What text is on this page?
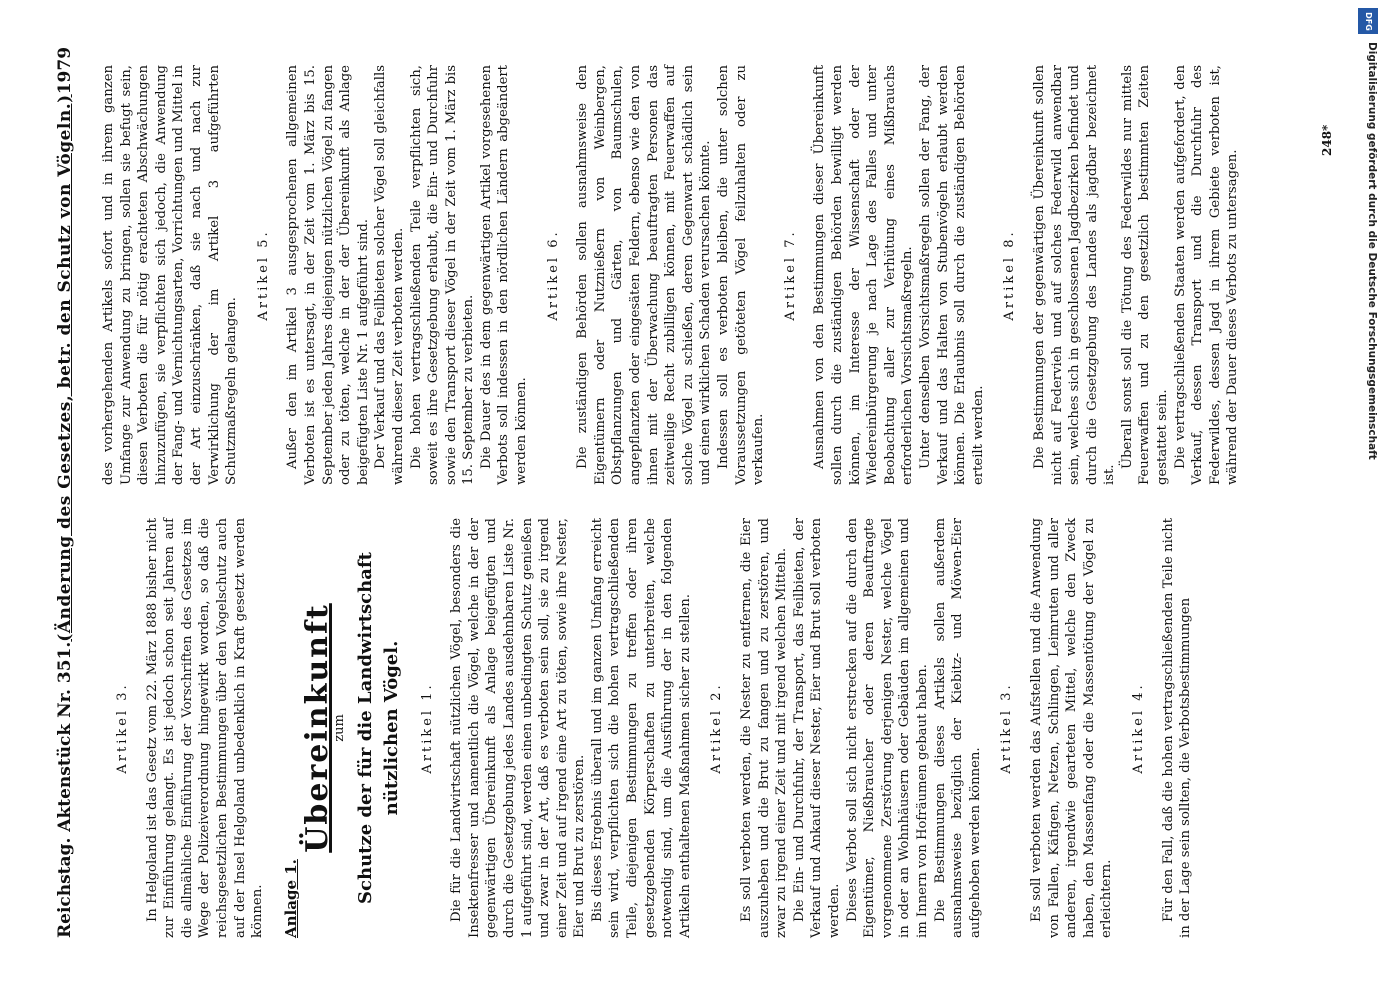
Reichstag. Aktenstück Nr. 351.
(Änderung des Gesetzes, betr. den Schutz von Vögeln.)
1979
Artikel 3. In Helgoland ist das Gesetz vom 22. März 1888 bisher nicht zur Einführung gelangt. Es ist jedoch schon seit Jahren auf die allmähliche Einführung der Vorschriften des Gesetzes im Wege der Polizeiverordnung hingewirkt worden, so daß die reichsgesetzlichen Bestimmungen über den Vogelschutz auch auf der Insel Helgoland unbedenklich in Kraft gesetzt werden können. Anlage 1.
Übereinkunft
zum Schutze der für die Landwirtschaft nützlichen Vögel. Artikel 1. Die für die Landwirtschaft nützlichen Vögel, besonders die Insektenfresser und namentlich die Vögel, welche in der der gegenwärtigen Übereinkunft als Anlage beigefügten und durch die Gesetzgebung jedes Landes ausdehnbaren Liste Nr. 1 aufgeführt sind, werden einen unbedingten Schutz genießen und zwar in der Art, daß es verboten sein soll, sie zu irgend einer Zeit und auf irgend eine Art zu töten, sowie ihre Nester, Eier und Brut zu zerstören. Bis dieses Ergebnis überall und im ganzen Umfang erreicht sein wird, verpflichten sich die hohen vertragschließenden Teile, diejenigen Bestimmungen zu treffen oder ihren gesetzgebenden Körperschaften zu unterbreiten, welche notwendig sind, um die Ausführung der in den folgenden Artikeln enthaltenen Maßnahmen sicher zu stellen. Artikel 2. Es soll verboten werden, die Nester zu entfernen, die Eier auszuheben und die Brut zu fangen und zu zerstören, und zwar zu irgend einer Zeit und mit irgend welchen Mitteln. Die Ein- und Durchfuhr, der Transport, das Feilbieten, der Verkauf und Ankauf dieser Nester, Eier und Brut soll verboten werden. Dieses Verbot soll sich nicht erstrecken auf die durch den Eigentümer, Nießbraucher oder deren Beauftragte vorgenommene Zerstörung derjenigen Nester, welche Vögel in oder an Wohnhäusern oder Gebäuden im allgemeinen und im Innern von Hofräumen gebaut haben. Die Bestimmungen dieses Artikels sollen außerdem ausnahmsweise bezüglich der Kiebitz- und Möwen-Eier aufgehoben werden können.

Artikel 3. Es soll verboten werden das Aufstellen und die Anwendung von Fallen, Käfigen, Netzen, Schlingen, Leimruten und aller anderen, irgendwie gearteten Mittel, welche den Zweck haben, den Massenfang oder die Massentötung der Vögel zu erleichtern.

Artikel 4. Für den Fall, daß die hohen vertragschließenden Teile nicht in der Lage sein sollten, die Verbotsbestimmungen

des vorhergehenden Artikels sofort und in ihrem ganzen Umfange zur Anwendung zu bringen, sollen sie befugt sein, diesen Verboten die für nötig erachteten Abschwächungen hinzuzufügen, sie verpflichten sich jedoch, die Anwendung der Fang- und Vernichtungsarten, Vorrichtungen und Mittel in der Art einzuschränken, daß sie nach und nach zur Verwirklichung der im Artikel 3 aufgeführten Schutzmaßregeln gelangen.

Artikel 5. Außer den im Artikel 3 ausgesprochenen allgemeinen Verboten ist es untersagt, in der Zeit vom 1. März bis 15. September jeden Jahres diejenigen nützlichen Vögel zu fangen oder zu töten, welche in der der Übereinkunft als Anlage beigefügten Liste Nr. 1 aufgeführt sind. Der Verkauf und das Feilbieten solcher Vögel soll gleichfalls während dieser Zeit verboten werden. Die hohen vertragschließenden Teile verpflichten sich, soweit es ihre Gesetzgebung erlaubt, die Ein- und Durchfuhr sowie den Transport dieser Vögel in der Zeit vom 1. März bis 15. September zu verbieten. Die Dauer des in dem gegenwärtigen Artikel vorgesehenen Verbots soll indessen in den nördlichen Ländern abgeändert werden können.

Artikel 6. Die zuständigen Behörden sollen ausnahmsweise den Eigentümern oder Nutznießern von Weinbergen, Obstpflanzungen und Gärten, von Baumschulen, angepflanzten oder eingesäten Feldern, ebenso wie den von ihnen mit der Überwachung beauftragten Personen das zeitweilige Recht zubilligen können, mit Feuerwaffen auf solche Vögel zu schießen, deren Gegenwart schädlich sein und einen wirklichen Schaden verursachen könnte. Indessen soll es verboten bleiben, die unter solchen Voraussetzungen getöteten Vögel feilzuhalten oder zu verkaufen.

Artikel 7. Ausnahmen von den Bestimmungen dieser Übereinkunft sollen durch die zuständigen Behörden bewilligt werden können, im Interesse der Wissenschaft oder der Wiedereinbürgerung je nach Lage des Falles und unter Beobachtung aller zur Verhütung eines Mißbrauchs erforderlichen Vorsichtsmaßregeln. Unter denselben Vorsichtsmaßregeln sollen der Fang, der Verkauf und das Halten von Stubenvögeln erlaubt werden können. Die Erlaubnis soll durch die zuständigen Behörden erteilt werden.

Artikel 8. Die Bestimmungen der gegenwärtigen Übereinkunft sollen nicht auf Federvieh und auf solches Federwild anwendbar sein, welches sich in geschlossenen Jagdbezirken befindet und durch die Gesetzgebung des Landes als jagdbar bezeichnet ist.

Überall sonst soll die Tötung des Federwildes nur mittels Feuerwaffen und zu den gesetzlich bestimmten Zeiten gestattet sein. Die vertragschließenden Staaten werden aufgefordert, den Verkauf, dessen Transport und die Durchfuhr des Federwildes, dessen Jagd in ihrem Gebiete verboten ist, während der Dauer dieses Verbots zu untersagen.

248*
DFG
Digitalisierung gefördert durch die Deutsche Forschungsgemeinschaft
